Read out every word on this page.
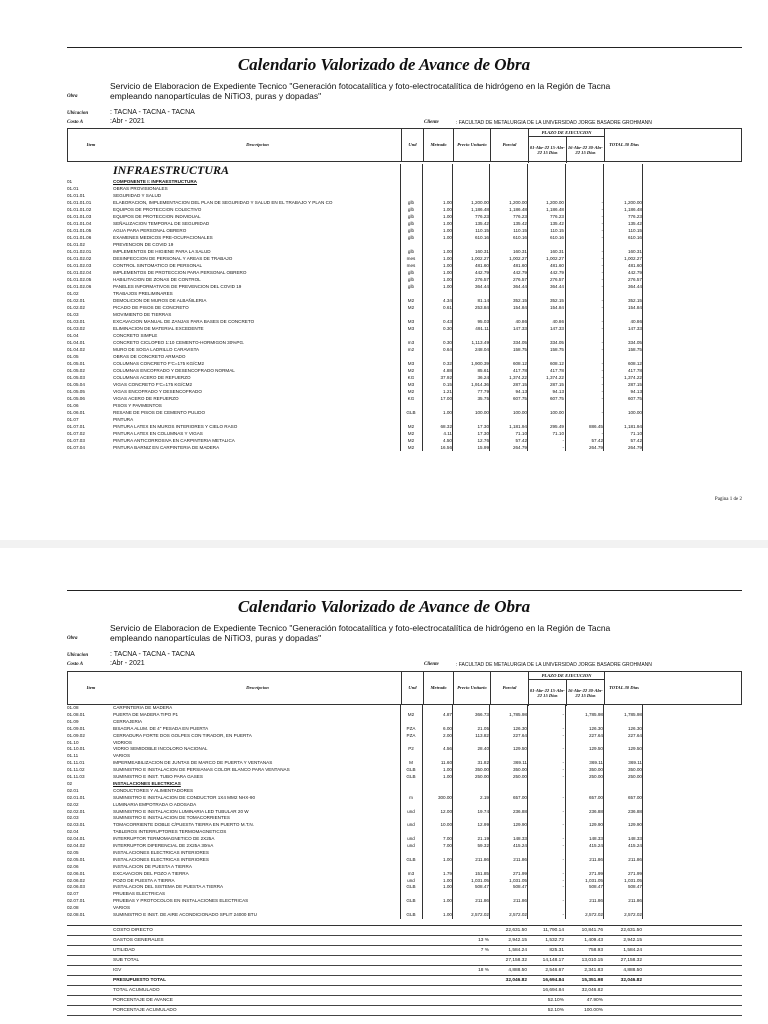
Calendario Valorizado de Avance de Obra
Obra
Servicio de Elaboracion de Expediente Tecnico "Generación fotocatalítica y foto-electrocatalítica de hidrógeno en la Región de Tacna empleando nanopartículas de NiTiO3, puras y dopadas"
Ubicacion	: TACNA - TACNA - TACNA
Costo A	:Abr - 2021	Cliente	: FACULTAD DE METALURGIA DE LA UNIVERSIDAD JORGE BASADRE GROHMANN
Item	Descripcion	Und	Metrado	Precio Unitario	Parcial
PLAZO DE EJECUCION
01-Abr-22 15-Abr-22 15 Dias
16-Abr-22 30-Abr-22 15 Dias
TOTAL 30 Dias
INFRAESTRUCTURA
01	COMPONENTE I: INFRAESTRUCTURA
01.01	OBRAS PROVISIONALES
01.01.01	SEGURIDAD Y SALUD
01.01.01.01	ELABORACION, IMPLEMENTACION DEL PLAN DE SEGURIDAD Y SALUD EN EL TRABAJO Y PLAN CO	glb	1.00	1,200.00	1,200.00	1,200.00	1,200.00
01.01.01.02	EQUIPOS DE PROTECCION COLECTIVO	glb	1.00	1,186.48	1,186.48	1,186.48	1,186.48
01.01.01.03	EQUIPOS DE PROTECCION INDIVIDUAL	glb	1.00	776.23	776.23	776.23	776.23
01.01.01.04	SEÑALIZACION TEMPORAL DE SEGURIDAD	glb	1.00	135.42	135.42	135.42	135.42
01.01.01.05	AGUA PARA PERSONAL OBRERO	glb	1.00	110.15	110.15	110.15	110.15
01.01.01.06	EXAMENES MEDICOS PRE-OCUPACIONALES	glb	1.00	610.16	610.16	610.16	610.16
01.01.02	PREVENCION DE COVID 19
01.01.02.01	IMPLEMENTOS DE HIGIENE PARA LA SALUD	glb	1.00	160.31	160.31	160.31	160.31
01.01.02.02	DESINFECCION DE PERSONAL Y AREAS DE TRABAJO	mes	1.00	1,002.27	1,002.27	1,002.27	1,002.27
01.01.02.03	CONTROL SINTOMATICO DE PERSONAL	mes	1.00	481.60	481.60	481.60	481.60
01.01.02.04	IMPLEMENTOS DE PROTECCION PARA PERSONAL OBRERO	glb	1.00	442.79	442.79	442.79	442.79
01.01.02.05	HABILITACION DE ZONAS DE CONTROL	glb	1.00	276.57	276.57	276.57	276.57
01.01.02.06	PANELES INFORMATIVOS DE PREVENCION DEL COVID 19	glb	1.00	364.44	364.44	364.44	364.44
01.02	TRABAJOS PRELIMINARES
01.02.01	DEMOLICION DE MUROS DE ALBAÑILERIA	M2	4.34	81.14	352.15	352.15	352.15
01.02.02	PICADO DE PISOS DE CONCRETO	M2	0.61	253.84	154.84	154.84	154.84
01.03	MOVIMIENTO DE TIERRAS
01.03.01	EXCAVACION MANUAL DE ZANJAS PARA BASES DE CONCRETO	M3	0.43	95.03	40.86	40.86	40.86
01.03.02	ELIMINACION DE MATERIAL EXCEDENTE	M3	0.30	491.11	147.33	147.33	147.33
01.04	CONCRETO SIMPLE
01.04.01	CONCRETO CICLOPEO 1:10 CEMENTO-HORMIGON 30%PG.	m3	0.30	1,113.49	334.05	334.05	334.05
01.04.02	MURO DE SOGA LADRILLO CARAVISTA	m2	0.64	248.04	158.75	158.75	158.75
01.05	OBRAS DE CONCRETO ARMADO
01.05.01	COLUMNAS CONCRETO F'C=175 KG/CM2	M3	0.32	1,900.39	608.12	608.12	608.12
01.05.02	COLUMNAS ENCOFRADO Y DESENCOFRADO NORMAL	M2	4.88	85.61	417.78	417.78	417.78
01.05.03	COLUMNAS ACERO DE REFUERZO	KG	37.92	36.24	1,374.22	1,374.22	1,374.22
01.05.04	VIGAS CONCRETO F'C=175 KG/CM2	M3	0.15	1,914.36	287.15	287.15	287.15
01.05.05	VIGAS ENCOFRADO Y DESENCOFRADO	M2	1.21	77.79	94.13	94.13	94.13
01.05.06	VIGAS ACERO DE REFUERZO	KG	17.00	35.75	607.75	607.75	607.75
01.06	PISOS Y PAVIMENTOS
01.06.01	RESANE DE PISOS DE CEMENTO PULIDO	GLB	1.00	100.00	100.00	100.00	100.00
01.07	PINTURA
01.07.01	PINTURA LATEX EN MUROS INTERIORES Y CIELO RASO	M2	68.32	17.30	1,181.94	295.49	886.45	1,181.94
01.07.02	PINTURA LATEX EN COLUMNAS Y VIGAS	M2	4.11	17.30	71.10	71.10	71.10
01.07.03	PINTURA ANTICORROSIVA EN CARPINTERIA METALICA	M2	4.50	12.76	57.42	-	57.42	57.42
01.07.04	PINTURA BARNIZ EN CARPINTERIA DE MADERA	M2	16.56	15.99	264.79	-	264.79	264.79
Pagina 1 de 2
Calendario Valorizado de Avance de Obra
Obra
Servicio de Elaboracion de Expediente Tecnico "Generación fotocatalítica y foto-electrocatalítica de hidrógeno en la Región de Tacna empleando nanopartículas de NiTiO3, puras y dopadas"
Ubicacion	: TACNA - TACNA - TACNA
Costo A	:Abr - 2021	Cliente	: FACULTAD DE METALURGIA DE LA UNIVERSIDAD JORGE BASADRE GROHMANN
Item	Descripcion	Und	Metrado	Precio Unitario	Parcial
PLAZO DE EJECUCION
01-Abr-22 15-Abr-22 15 Dias
16-Abr-22 30-Abr-22 15 Dias
TOTAL 30 Dias
01.08	CARPINTERIA DE MADERA
01.08.01	PUERTA DE MADERA TIPO P1	M2	4.87	366.73	1,785.98	-	1,785.98	1,785.98
01.09	CERRAJERIA
01.09.01	BISAGRA ALUM. DE 4" PESADA EN PUERTA	PZA	6.00	21.05	126.30	-	126.30	126.30
01.09.02	CERRADURA FORTE DOS GOLPES CON TIRADOR, EN PUERTA	PZA	2.00	113.82	227.64	-	227.64	227.64
01.10	VIDRIOS
01.10.01	VIDRIO SEMIDOBLE INCOLORO NACIONAL	P2	4.56	28.40	129.50	-	129.50	129.50
01.11	VARIOS
01.11.01	IMPERMEABILIZACION DE JUNTAS DE MARCO DE PUERTA Y VENTANAS	M	11.60	31.82	369.11	-	369.11	369.11
01.11.02	SUMINISTRO E INSTALACION DE PERSIANAS COLOR BLANCO PARA VENTANAS	GLB	1.00	350.00	350.00	-	350.00	350.00
01.11.03	SUMINISTRO E INST. TUBO PARA GASES	GLB	1.00	250.00	250.00	-	250.00	250.00
02	INSTALACIONES ELECTRICAS
02.01	CONDUCTORES Y ALIMENTADORES
02.01.01	SUMINISTRO E INSTALACION DE CONDUCTOR 1X4 MM2 NHX-90	m	300.00	2.19	657.00	-	657.00	657.00
02.02	LUMINARIA EMPOTRADA O ADOSADA
02.02.01	SUMINISTRO E INSTALACION LUMINARIA LED TUBULAR 20 W	und	12.00	19.74	236.88	-	236.88	236.88
02.03	SUMINISTRO E INSTALACION DE TOMACORRIENTES
02.03.01	TOMACORRIENTE DOBLE C/PUESTA TIERRA EN PUERTO M.T.N.	und	10.00	12.99	129.90	-	129.90	129.90
02.04	TABLEROS INTERRUPTORES TERMOMAGNETICOS
02.04.01	INTERRUPTOR TERMOMAGNETICO DE 2X25A	und	7.00	21.19	148.33	-	148.33	148.33
02.04.02	INTERRUPTOR DIFERENCIAL DE 2X25A 30mA	und	7.00	59.32	415.24	-	415.24	415.24
02.05	INSTALACIONES ELECTRICAS INTERIORES
02.05.01	INSTALACIONES ELECTRICAS INTERIORES	GLB	1.00	211.86	211.86	-	211.86	211.86
02.06	INSTALACION DE PUESTA A TIERRA
02.06.01	EXCAVACION DEL POZO A TIERRA	m3	1.79	151.85	271.99	-	271.99	271.99
02.06.02	POZO DE PUESTA A TIERRA	und	1.00	1,031.05	1,031.05	-	1,031.05	1,031.05
02.06.03	INSTALACION DEL SISTEMA DE PUESTA A TIERRA	GLB	1.00	508.47	508.47	-	508.47	508.47
02.07	PRUEBAS ELECTRICAS
02.07.01	PRUEBAS Y PROTOCOLOS EN INSTALACIONES ELECTRICAS	GLB	1.00	211.86	211.86	-	211.86	211.86
02.08	VARIOS
02.08.01	SUMINISTRO E INST. DE AIRE ACONDICIONADO SPLIT 24000 BTU	GLB	1.00	2,572.02	2,572.02	-	2,572.02	2,572.02
COSTO DIRECTO	22,631.50	11,790.14	10,841.76	22,631.50
GASTOS GENERALES	13 %	2,942.15	1,532.72	1,409.43	2,942.15
UTILIDAD	7 %	1,584.24	825.31	758.93	1,584.24
SUB TOTAL	27,158.32	14,148.17	13,010.15	27,158.32
IGV	18 %	4,888.50	2,546.67	2,341.83	4,888.50
PRESUPUESTO TOTAL	32,046.82	16,694.84	15,351.98	32,046.82
TOTAL ACUMULADO	16,694.84	32,046.82
PORCENTAJE DE AVANCE	52.10%	47.90%
PORCENTAJE ACUMULADO	52.10%	100.00%
